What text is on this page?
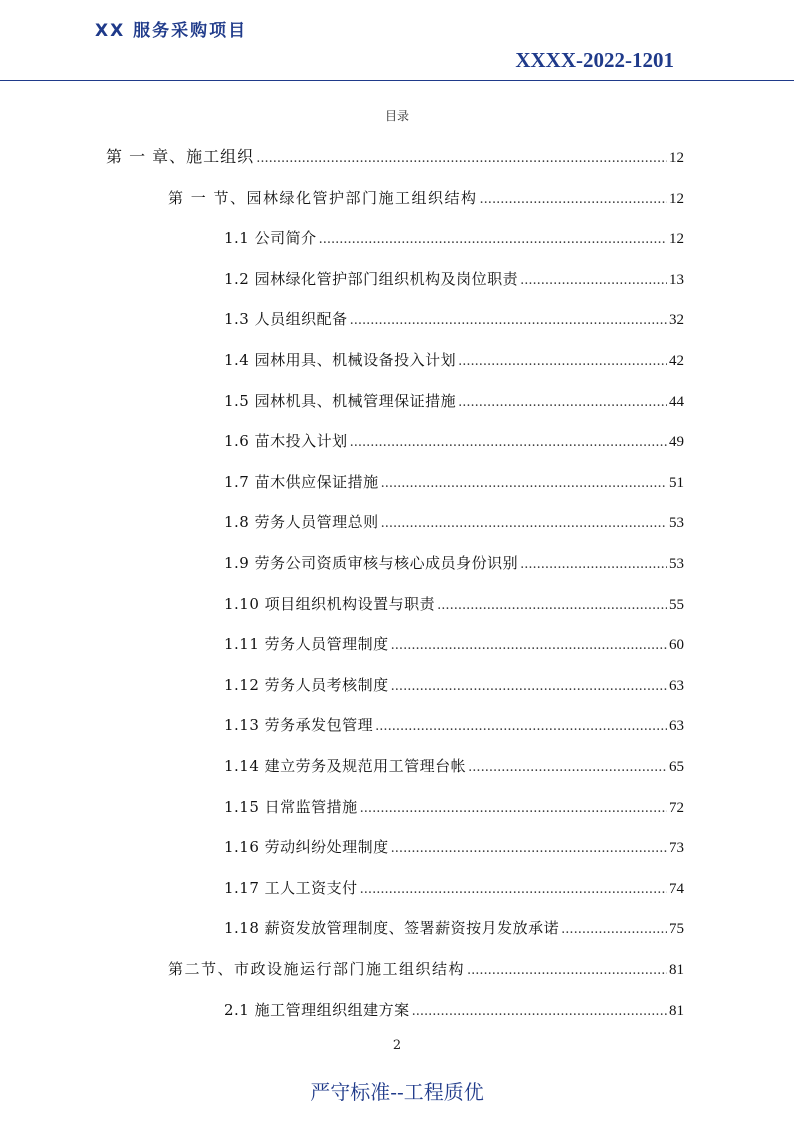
XX 服务采购项目
XXXX-2022-1201
目录
第 一 章、施工组织 .....	12
第 一 节、园林绿化管护部门施工组织结构 .....	12
1.1 公司简介 .....	12
1.2 园林绿化管护部门组织机构及岗位职责 .....	13
1.3 人员组织配备 .....	32
1.4 园林用具、机械设备投入计划 .....	42
1.5 园林机具、机械管理保证措施 .....	44
1.6 苗木投入计划 .....	49
1.7 苗木供应保证措施 .....	51
1.8 劳务人员管理总则 .....	53
1.9 劳务公司资质审核与核心成员身份识别 .....	53
1.10 项目组织机构设置与职责 .....	55
1.11 劳务人员管理制度 .....	60
1.12 劳务人员考核制度 .....	63
1.13 劳务承发包管理 .....	63
1.14 建立劳务及规范用工管理台帐 .....	65
1.15 日常监管措施 .....	72
1.16 劳动纠纷处理制度 .....	73
1.17 工人工资支付 .....	74
1.18 薪资发放管理制度、签署薪资按月发放承诺 .....	75
第二节、市政设施运行部门施工组织结构 .....	81
2.1 施工管理组织组建方案 .....	81
2
严守标准--工程质优
